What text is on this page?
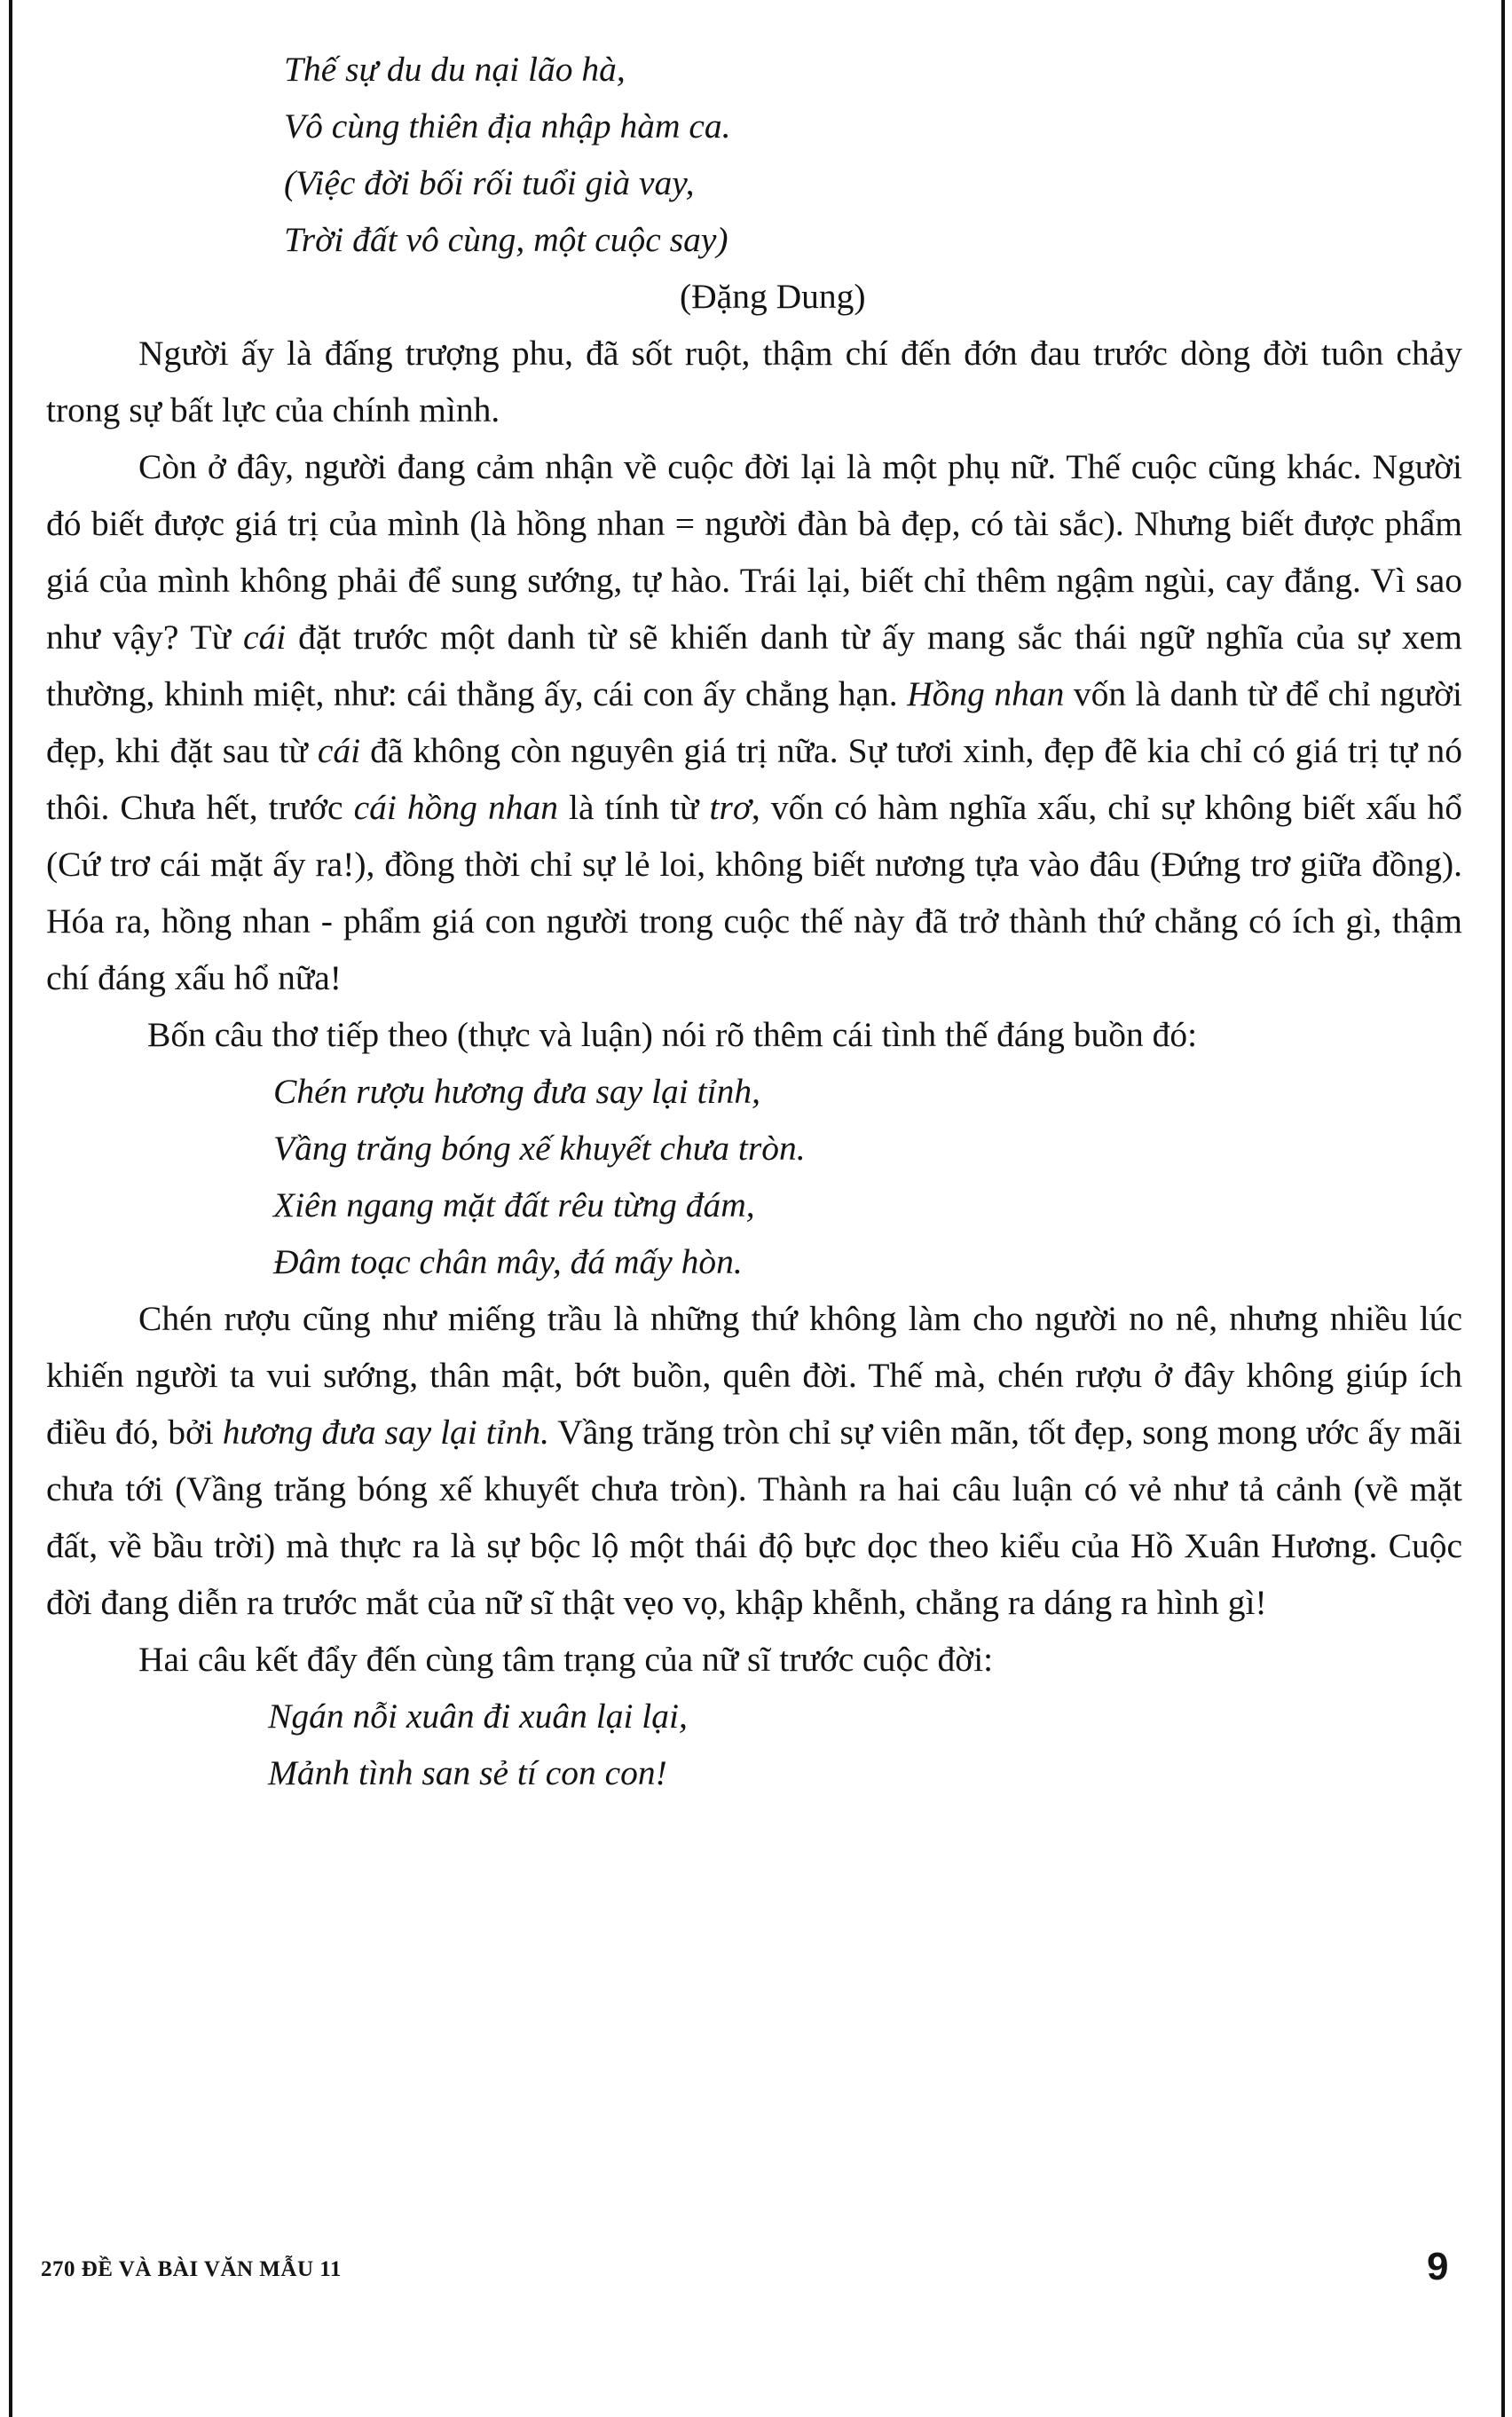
Thế sự du du nại lão hà,
Vô cùng thiên địa nhập hàm ca.
(Việc đời bối rối tuổi già vay,
Trời đất vô cùng, một cuộc say)
(Đặng Dung)

Người ấy là đấng trượng phu, đã sốt ruột, thậm chí đến đớn đau trước dòng đời tuôn chảy trong sự bất lực của chính mình.

Còn ở đây, người đang cảm nhận về cuộc đời lại là một phụ nữ. Thế cuộc cũng khác. Người đó biết được giá trị của mình (là hồng nhan = người đàn bà đẹp, có tài sắc). Nhưng biết được phẩm giá của mình không phải để sung sướng, tự hào. Trái lại, biết chỉ thêm ngậm ngùi, cay đắng. Vì sao như vậy? Từ cái đặt trước một danh từ sẽ khiến danh từ ấy mang sắc thái ngữ nghĩa của sự xem thường, khinh miệt, như: cái thằng ấy, cái con ấy chẳng hạn. Hồng nhan vốn là danh từ để chỉ người đẹp, khi đặt sau từ cái đã không còn nguyên giá trị nữa. Sự tươi xinh, đẹp đẽ kia chỉ có giá trị tự nó thôi. Chưa hết, trước cái hồng nhan là tính từ trơ, vốn có hàm nghĩa xấu, chỉ sự không biết xấu hổ (Cứ trơ cái mặt ấy ra!), đồng thời chỉ sự lẻ loi, không biết nương tựa vào đâu (Đứng trơ giữa đồng). Hóa ra, hồng nhan - phẩm giá con người trong cuộc thế này đã trở thành thứ chẳng có ích gì, thậm chí đáng xấu hổ nữa!

Bốn câu thơ tiếp theo (thực và luận) nói rõ thêm cái tình thế đáng buồn đó:

Chén rượu hương đưa say lại tỉnh,
Vầng trăng bóng xế khuyết chưa tròn.
Xiên ngang mặt đất rêu từng đám,
Đâm toạc chân mây, đá mấy hòn.

Chén rượu cũng như miếng trầu là những thứ không làm cho người no nê, nhưng nhiều lúc khiến người ta vui sướng, thân mật, bớt buồn, quên đời. Thế mà, chén rượu ở đây không giúp ích điều đó, bởi hương đưa say lại tỉnh. Vầng trăng tròn chỉ sự viên mãn, tốt đẹp, song mong ước ấy mãi chưa tới (Vầng trăng bóng xế khuyết chưa tròn). Thành ra hai câu luận có vẻ như tả cảnh (về mặt đất, về bầu trời) mà thực ra là sự bộc lộ một thái độ bực dọc theo kiểu của Hồ Xuân Hương. Cuộc đời đang diễn ra trước mắt của nữ sĩ thật vẹo vọ, khập khễnh, chẳng ra dáng ra hình gì!

Hai câu kết đẩy đến cùng tâm trạng của nữ sĩ trước cuộc đời:

Ngán nỗi xuân đi xuân lại lại,
Mảnh tình san sẻ tí con con!
270 ĐỀ VÀ BÀI VĂN MẪU 11	9
